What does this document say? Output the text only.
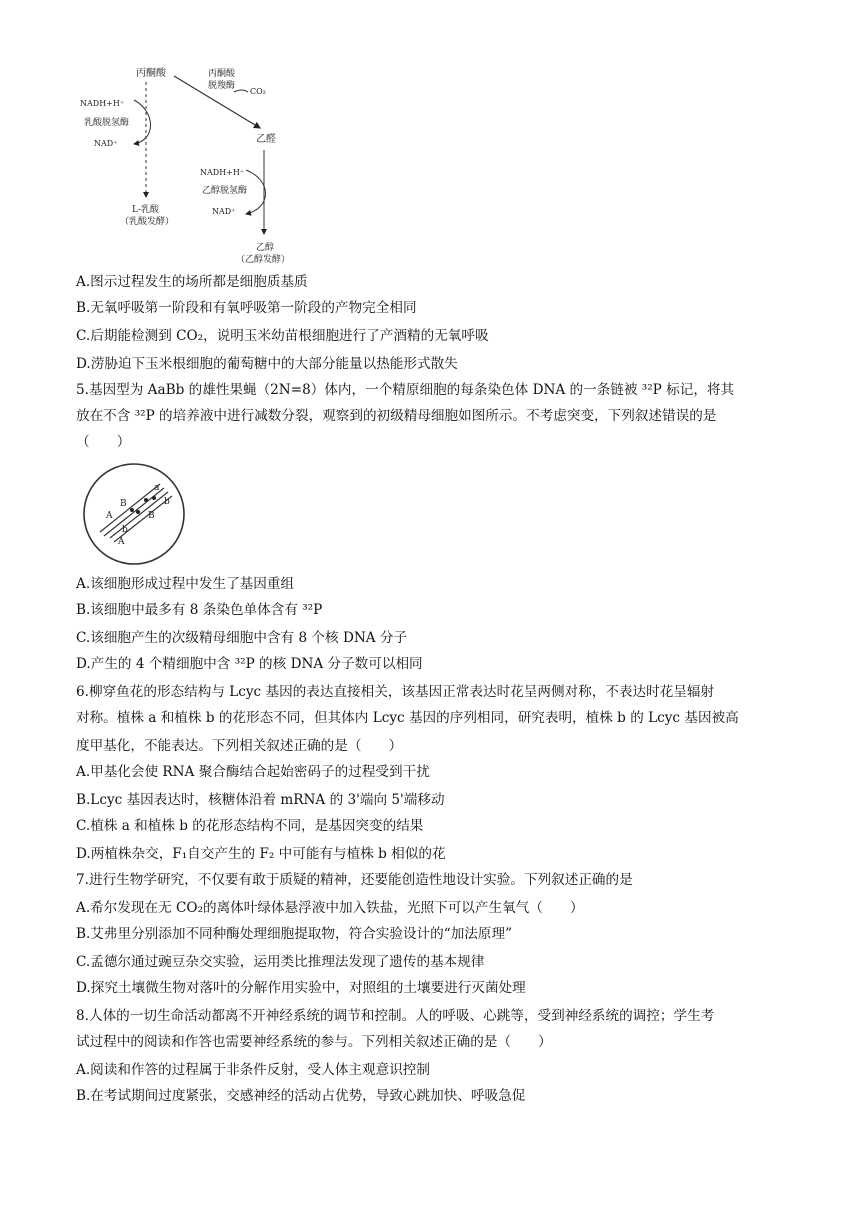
丙酮酸
NADH+H⁺
乳酸脱氢酶
NAD⁺
L-乳酸
（乳酸发酵）
丙酮酸
脱羧酶
CO₂
乙醛
NADH+H⁺
乙醇脱氢酶
NAD⁺
乙醇
（乙醇发酵）
A.图示过程发生的场所都是细胞质基质
B.无氧呼吸第一阶段和有氧呼吸第一阶段的产物完全相同
C.后期能检测到 CO₂，说明玉米幼苗根细胞进行了产酒精的无氧呼吸
D.涝胁迫下玉米根细胞的葡萄糖中的大部分能量以热能形式散失
5.基因型为 AaBb 的雄性果蝇（2N=8）体内，一个精原细胞的每条染色体 DNA 的一条链被 ³²P 标记，将其
放在不含 ³²P 的培养液中进行减数分裂，观察到的初级精母细胞如图所示。不考虑突变，下列叙述错误的是
（　　）
A
B
a
b
B
b
A
A.该细胞形成过程中发生了基因重组
B.该细胞中最多有 8 条染色单体含有 ³²P
C.该细胞产生的次级精母细胞中含有 8 个核 DNA 分子
D.产生的 4 个精细胞中含 ³²P 的核 DNA 分子数可以相同
6.柳穿鱼花的形态结构与 Lcyc 基因的表达直接相关，该基因正常表达时花呈两侧对称，不表达时花呈辐射
对称。植株 a 和植株 b 的花形态不同，但其体内 Lcyc 基因的序列相同，研究表明，植株 b 的 Lcyc 基因被高
度甲基化，不能表达。下列相关叙述正确的是（　　）
A.甲基化会使 RNA 聚合酶结合起始密码子的过程受到干扰
B.Lcyc 基因表达时，核糖体沿着 mRNA 的 3'端向 5'端移动
C.植株 a 和植株 b 的花形态结构不同，是基因突变的结果
D.两植株杂交，F₁自交产生的 F₂ 中可能有与植株 b 相似的花
7.进行生物学研究，不仅要有敢于质疑的精神，还要能创造性地设计实验。下列叙述正确的是
A.希尔发现在无 CO₂的离体叶绿体悬浮液中加入铁盐，光照下可以产生氧气（　　）
B.艾弗里分别添加不同种酶处理细胞提取物，符合实验设计的“加法原理”
C.孟德尔通过豌豆杂交实验，运用类比推理法发现了遗传的基本规律
D.探究土壤微生物对落叶的分解作用实验中，对照组的土壤要进行灭菌处理
8.人体的一切生命活动都离不开神经系统的调节和控制。人的呼吸、心跳等，受到神经系统的调控；学生考
试过程中的阅读和作答也需要神经系统的参与。下列相关叙述正确的是（　　）
A.阅读和作答的过程属于非条件反射，受人体主观意识控制
B.在考试期间过度紧张，交感神经的活动占优势，导致心跳加快、呼吸急促
